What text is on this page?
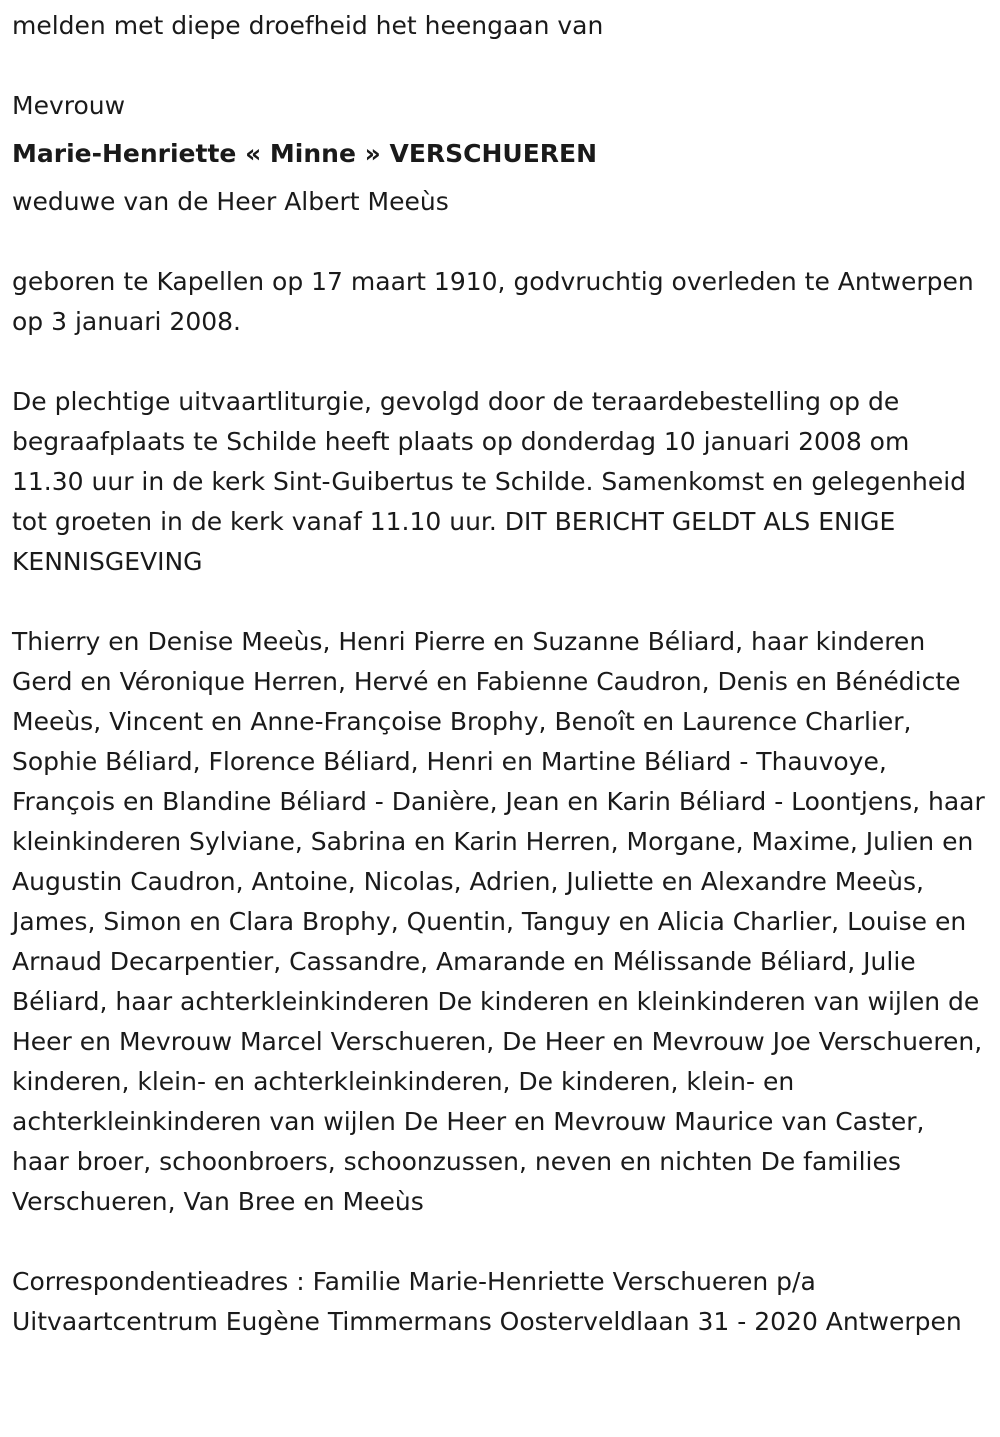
melden met diepe droefheid het heengaan van

Mevrouw

Marie-Henriette « Minne » VERSCHUEREN

weduwe van de Heer Albert Meeùs

geboren te Kapellen op 17 maart 1910, godvruchtig overleden te Antwerpen op 3 januari 2008.

De plechtige uitvaartliturgie, gevolgd door de teraardebestelling op de begraafplaats te Schilde heeft plaats op donderdag 10 januari 2008 om 11.30 uur in de kerk Sint-Guibertus te Schilde. Samenkomst en gelegenheid tot groeten in de kerk vanaf 11.10 uur. DIT BERICHT GELDT ALS ENIGE KENNISGEVING

Thierry en Denise Meeùs, Henri Pierre en Suzanne Béliard, haar kinderen Gerd en Véronique Herren, Hervé en Fabienne Caudron, Denis en Bénédicte Meeùs, Vincent en Anne-Françoise Brophy, Benoît en Laurence Charlier, Sophie Béliard, Florence Béliard, Henri en Martine Béliard - Thauvoye, François en Blandine Béliard - Danière, Jean en Karin Béliard - Loontjens, haar kleinkinderen Sylviane, Sabrina en Karin Herren, Morgane, Maxime, Julien en Augustin Caudron, Antoine, Nicolas, Adrien, Juliette en Alexandre Meeùs, James, Simon en Clara Brophy, Quentin, Tanguy en Alicia Charlier, Louise en Arnaud Decarpentier, Cassandre, Amarande en Mélissande Béliard, Julie Béliard, haar achterkleinkinderen De kinderen en kleinkinderen van wijlen de Heer en Mevrouw Marcel Verschueren, De Heer en Mevrouw Joe Verschueren, kinderen, klein- en achterkleinkinderen, De kinderen, klein- en achterkleinkinderen van wijlen De Heer en Mevrouw Maurice van Caster, haar broer, schoonbroers, schoonzussen, neven en nichten De families Verschueren, Van Bree en Meeùs

Correspondentieadres : Familie Marie-Henriette Verschueren p/a Uitvaartcentrum Eugène Timmermans Oosterveldlaan 31 - 2020 Antwerpen
